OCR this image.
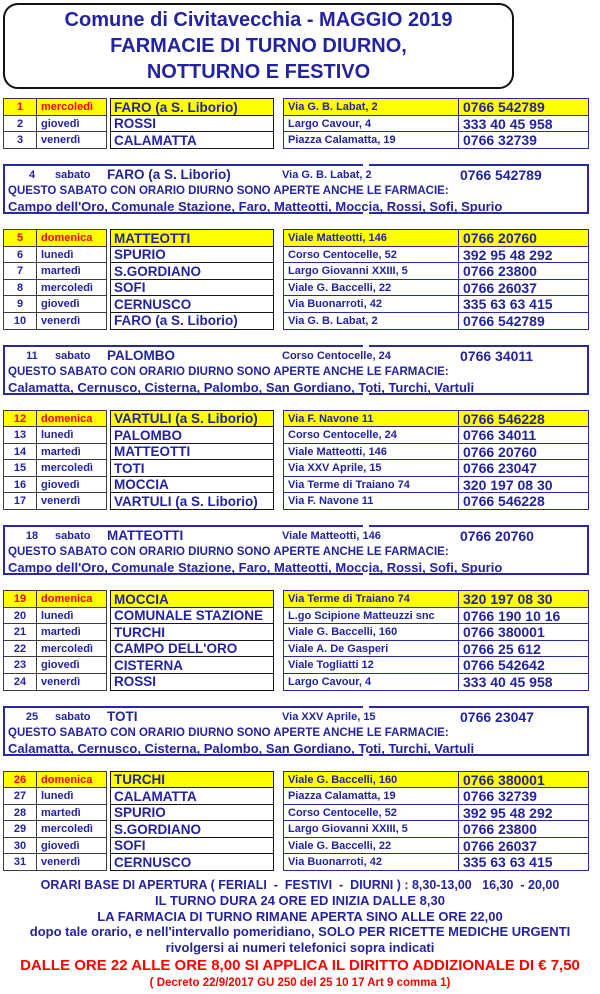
Comune di Civitavecchia - MAGGIO 2019
FARMACIE DI TURNO DIURNO,
NOTTURNO E FESTIVO
1	mercoledì	FARO (a S. Liborio)	Via G. B. Labat, 2	0766 542789
2	giovedì	ROSSI	Largo Cavour, 4	333 40 45 958
3	venerdì	CALAMATTA	Piazza Calamatta, 19	0766 32739
4	sabato FARO (a S. Liborio)	Via G. B. Labat, 2	0766 542789
QUESTO SABATO CON ORARIO DIURNO SONO APERTE ANCHE LE FARMACIE:
Campo dell'Oro, Comunale Stazione, Faro, Matteotti, Moccia, Rossi, Sofi, Spurio
5	domenica	MATTEOTTI	Viale Matteotti, 146	0766 20760
6	lunedì	SPURIO	Corso Centocelle, 52	392 95 48 292
7	martedì	S.GORDIANO	Largo Giovanni XXIII, 5	0766 23800
8	mercoledì	SOFI	Viale G. Baccelli, 22	0766 26037
9	giovedì	CERNUSCO	Via Buonarroti, 42	335 63 63 415
10	venerdì	FARO (a S. Liborio)	Via G. B. Labat, 2	0766 542789
11	sabato PALOMBO	Corso Centocelle, 24	0766 34011
QUESTO SABATO CON ORARIO DIURNO SONO APERTE ANCHE LE FARMACIE:
Calamatta, Cernusco, Cisterna, Palombo, San Gordiano, Toti, Turchi, Vartuli
12	domenica	VARTULI (a S. Liborio)	Via F. Navone 11	0766 546228
13	lunedì	PALOMBO	Corso Centocelle, 24	0766 34011
14	martedì	MATTEOTTI	Viale Matteotti, 146	0766 20760
15	mercoledì	TOTI	Via XXV Aprile, 15	0766 23047
16	giovedì	MOCCIA	Via Terme di Traiano 74	320 197 08 30
17	venerdì	VARTULI (a S. Liborio)	Via F. Navone 11	0766 546228
18	sabato MATTEOTTI	Viale Matteotti, 146	0766 20760
QUESTO SABATO CON ORARIO DIURNO SONO APERTE ANCHE LE FARMACIE:
Campo dell'Oro, Comunale Stazione, Faro, Matteotti, Moccia, Rossi, Sofi, Spurio
19	domenica	MOCCIA	Via Terme di Traiano 74	320 197 08 30
20	lunedì	COMUNALE STAZIONE	L.go Scipione Matteuzzi snc	0766 190 10 16
21	martedì	TURCHI	Viale G. Baccelli, 160	0766 380001
22	mercoledì	CAMPO DELL'ORO	Viale A. De Gasperi	0766 25 612
23	giovedì	CISTERNA	Viale Togliatti 12	0766 542642
24	venerdì	ROSSI	Largo Cavour, 4	333 40 45 958
25	sabato TOTI	Via XXV Aprile, 15	0766 23047
QUESTO SABATO CON ORARIO DIURNO SONO APERTE ANCHE LE FARMACIE:
Calamatta, Cernusco, Cisterna, Palombo, San Gordiano, Toti, Turchi, Vartuli
26	domenica	TURCHI	Viale G. Baccelli, 160	0766 380001
27	lunedì	CALAMATTA	Piazza Calamatta, 19	0766 32739
28	martedì	SPURIO	Corso Centocelle, 52	392 95 48 292
29	mercoledì	S.GORDIANO	Largo Giovanni XXIII, 5	0766 23800
30	giovedì	SOFI	Viale G. Baccelli, 22	0766 26037
31	venerdì	CERNUSCO	Via Buonarroti, 42	335 63 63 415
ORARI BASE DI APERTURA ( FERIALI  -  FESTIVI  -  DIURNI ) : 8,30-13,00   16,30  - 20,00
IL TURNO DURA 24 ORE ED INIZIA DALLE 8,30
LA FARMACIA DI TURNO RIMANE APERTA SINO ALLE ORE 22,00
dopo tale orario, e nell'intervallo pomeridiano, SOLO PER RICETTE MEDICHE URGENTI
rivolgersi ai numeri telefonici sopra indicati
DALLE ORE 22 ALLE ORE 8,00 SI APPLICA IL DIRITTO ADDIZIONALE DI € 7,50
( Decreto 22/9/2017 GU 250 del 25 10 17 Art 9 comma 1)
